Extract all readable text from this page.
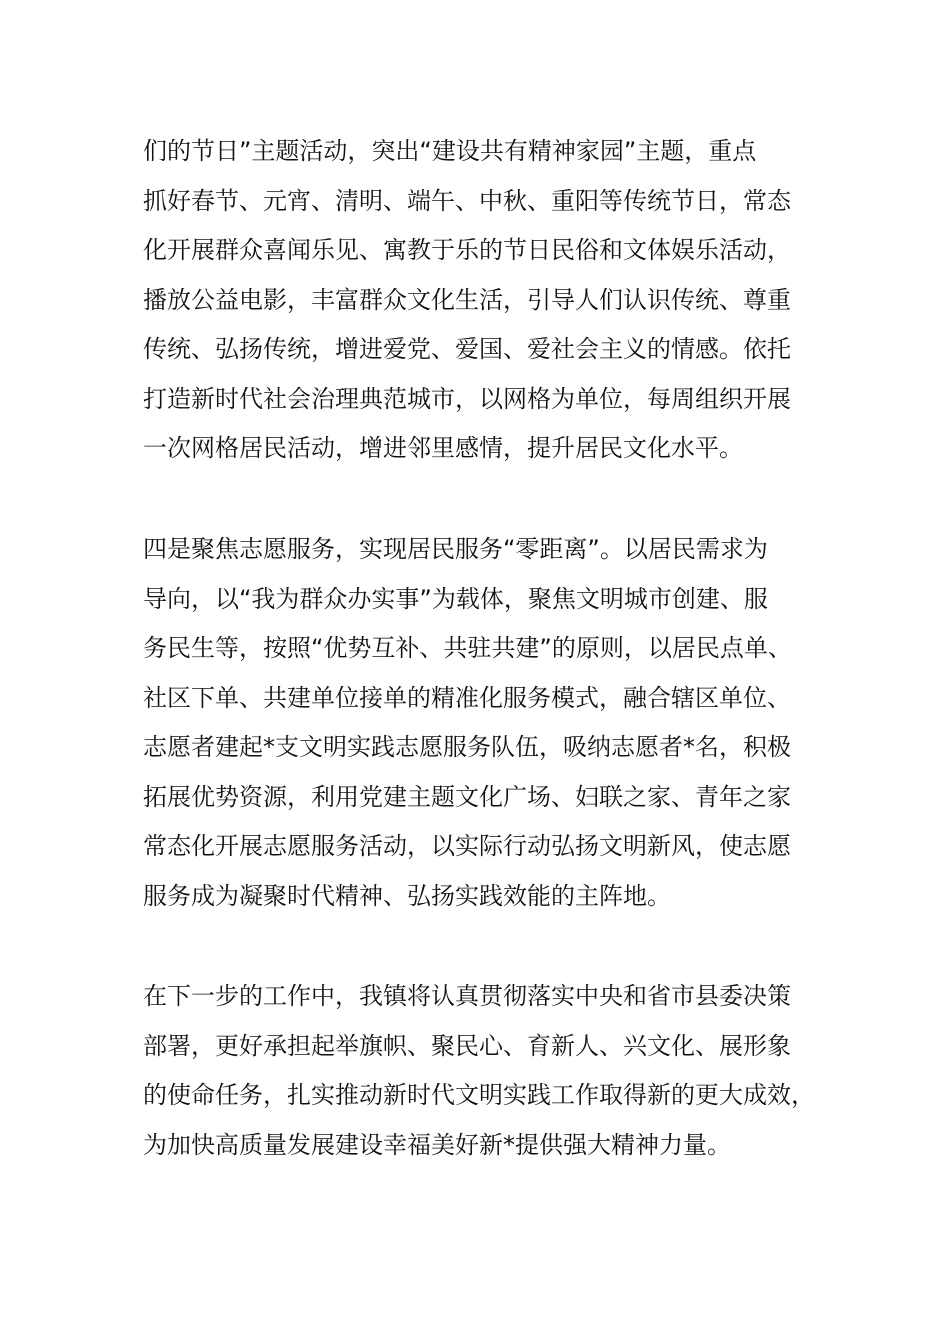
们的节日”主题活动，突出“建设共有精神家园”主题，重点
抓好春节、元宵、清明、端午、中秋、重阳等传统节日，常态
化开展群众喜闻乐见、寓教于乐的节日民俗和文体娱乐活动，
播放公益电影，丰富群众文化生活，引导人们认识传统、尊重
传统、弘扬传统，增进爱党、爱国、爱社会主义的情感。依托
打造新时代社会治理典范城市，以网格为单位，每周组织开展
一次网格居民活动，增进邻里感情，提升居民文化水平。

四是聚焦志愿服务，实现居民服务“零距离”。以居民需求为
导向，以“我为群众办实事”为载体，聚焦文明城市创建、服
务民生等，按照“优势互补、共驻共建”的原则，以居民点单、
社区下单、共建单位接单的精准化服务模式，融合辖区单位、
志愿者建起*支文明实践志愿服务队伍，吸纳志愿者*名，积极
拓展优势资源，利用党建主题文化广场、妇联之家、青年之家
常态化开展志愿服务活动，以实际行动弘扬文明新风，使志愿
服务成为凝聚时代精神、弘扬实践效能的主阵地。

在下一步的工作中，我镇将认真贯彻落实中央和省市县委决策
部署，更好承担起举旗帜、聚民心、育新人、兴文化、展形象
的使命任务，扎实推动新时代文明实践工作取得新的更大成效，
为加快高质量发展建设幸福美好新*提供强大精神力量。
